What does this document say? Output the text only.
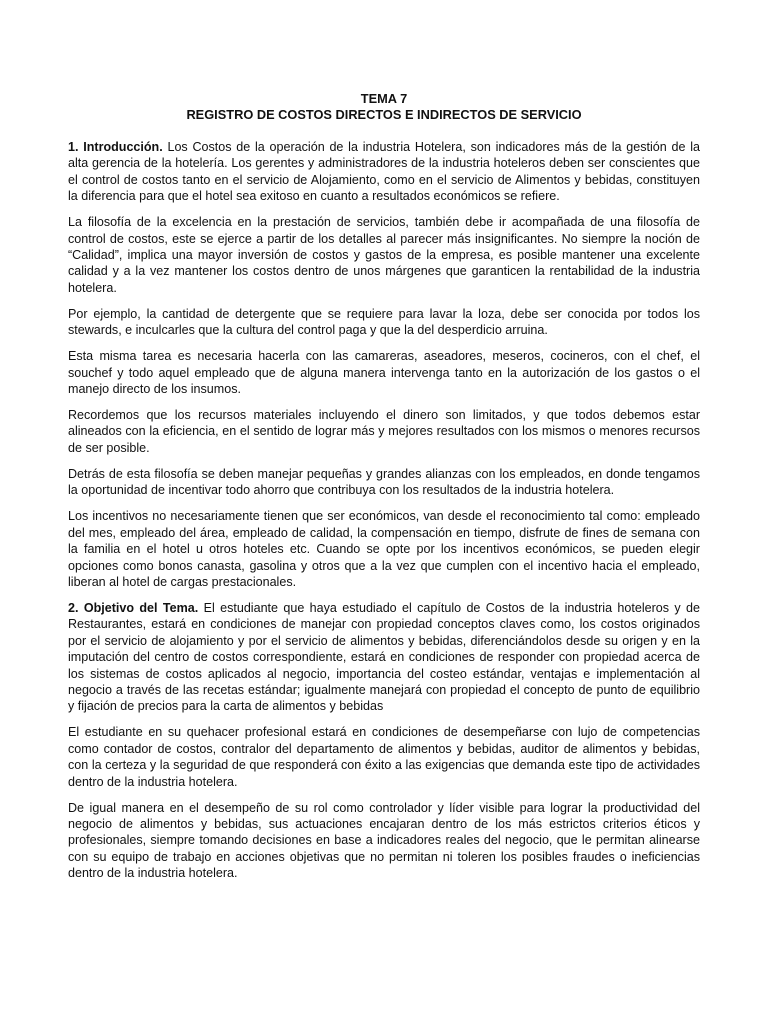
TEMA 7
REGISTRO DE COSTOS DIRECTOS E INDIRECTOS DE SERVICIO

1. Introducción. Los Costos de la operación de la industria Hotelera, son indicadores más de la gestión de la alta gerencia de la hotelería. Los gerentes y administradores de la industria hoteleros deben ser conscientes que el control de costos tanto en el servicio de Alojamiento, como en el servicio de Alimentos y bebidas, constituyen la diferencia para que el hotel sea exitoso en cuanto a resultados económicos se refiere.

La filosofía de la excelencia en la prestación de servicios, también debe ir acompañada de una filosofía de control de costos, este se ejerce a partir de los detalles al parecer más insignificantes. No siempre la noción de “Calidad”, implica una mayor inversión de costos y gastos de la empresa, es posible mantener una excelente calidad y a la vez mantener los costos dentro de unos márgenes que garanticen la rentabilidad de la industria hotelera.

Por ejemplo, la cantidad de detergente que se requiere para lavar la loza, debe ser conocida por todos los stewards, e inculcarles que la cultura del control paga y que la del desperdicio arruina.

Esta misma tarea es necesaria hacerla con las camareras, aseadores, meseros, cocineros, con el chef, el souchef y todo aquel empleado que de alguna manera intervenga tanto en la autorización de los gastos o el manejo directo de los insumos.

Recordemos que los recursos materiales incluyendo el dinero son limitados, y que todos debemos estar alineados con la eficiencia, en el sentido de lograr más y mejores resultados con los mismos o menores recursos de ser posible.

Detrás de esta filosofía se deben manejar pequeñas y grandes alianzas con los empleados, en donde tengamos la oportunidad de incentivar todo ahorro que contribuya con los resultados de la industria hotelera.

Los incentivos no necesariamente tienen que ser económicos, van desde el reconocimiento tal como: empleado del mes, empleado del área, empleado de calidad, la compensación en tiempo, disfrute de fines de semana con la familia en el hotel u otros hoteles etc. Cuando se opte por los incentivos económicos, se pueden elegir opciones como bonos canasta, gasolina y otros que a la vez que cumplen con el incentivo hacia el empleado, liberan al hotel de cargas prestacionales.

2. Objetivo del Tema. El estudiante que haya estudiado el capítulo de Costos de la industria hoteleros y de Restaurantes, estará en condiciones de manejar con propiedad conceptos claves como, los costos originados por el servicio de alojamiento y por el servicio de alimentos y bebidas, diferenciándolos desde su origen y en la imputación del centro de costos correspondiente, estará en condiciones de responder con propiedad acerca de los sistemas de costos aplicados al negocio, importancia del costeo estándar, ventajas e implementación al negocio a través de las recetas estándar; igualmente manejará con propiedad el concepto de punto de equilibrio y fijación de precios para la carta de alimentos y bebidas

El estudiante en su quehacer profesional estará en condiciones de desempeñarse con lujo de competencias como contador de costos, contralor del departamento de alimentos y bebidas, auditor de alimentos y bebidas, con la certeza y la seguridad de que responderá con éxito a las exigencias que demanda este tipo de actividades dentro de la industria hotelera.

De igual manera en el desempeño de su rol como controlador y líder visible para lograr la productividad del negocio de alimentos y bebidas, sus actuaciones encajaran dentro de los más estrictos criterios éticos y profesionales, siempre tomando decisiones en base a indicadores reales del negocio, que le permitan alinearse con su equipo de trabajo en acciones objetivas que no permitan ni toleren los posibles fraudes o ineficiencias dentro de la industria hotelera.
